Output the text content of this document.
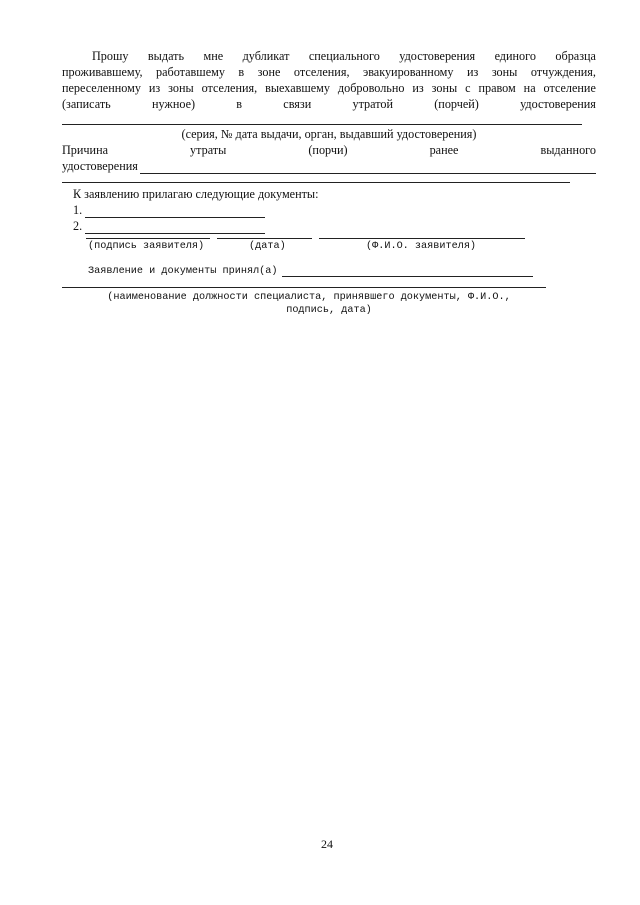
Прошу выдать мне дубликат специального удостоверения единого образца
проживавшему, работавшему в зоне отселения, эвакуированному из зоны отчуждения,
переселенному из зоны отселения, выехавшему добровольно из зоны с правом на отселение
(записать	нужное)	в	связи	утратой	(порчей)	удостоверения
(серия, № дата выдачи, орган, выдавший удостоверения)
Причина	утраты	(порчи)	ранее	выданного
удостоверения
К заявлению прилагаю следующие документы:
1.
2.
(подпись заявителя)	(дата)	(Ф.И.О. заявителя)
Заявление и документы принял(а)
(наименование должности специалиста, принявшего документы, Ф.И.О.,
подпись, дата)
24
